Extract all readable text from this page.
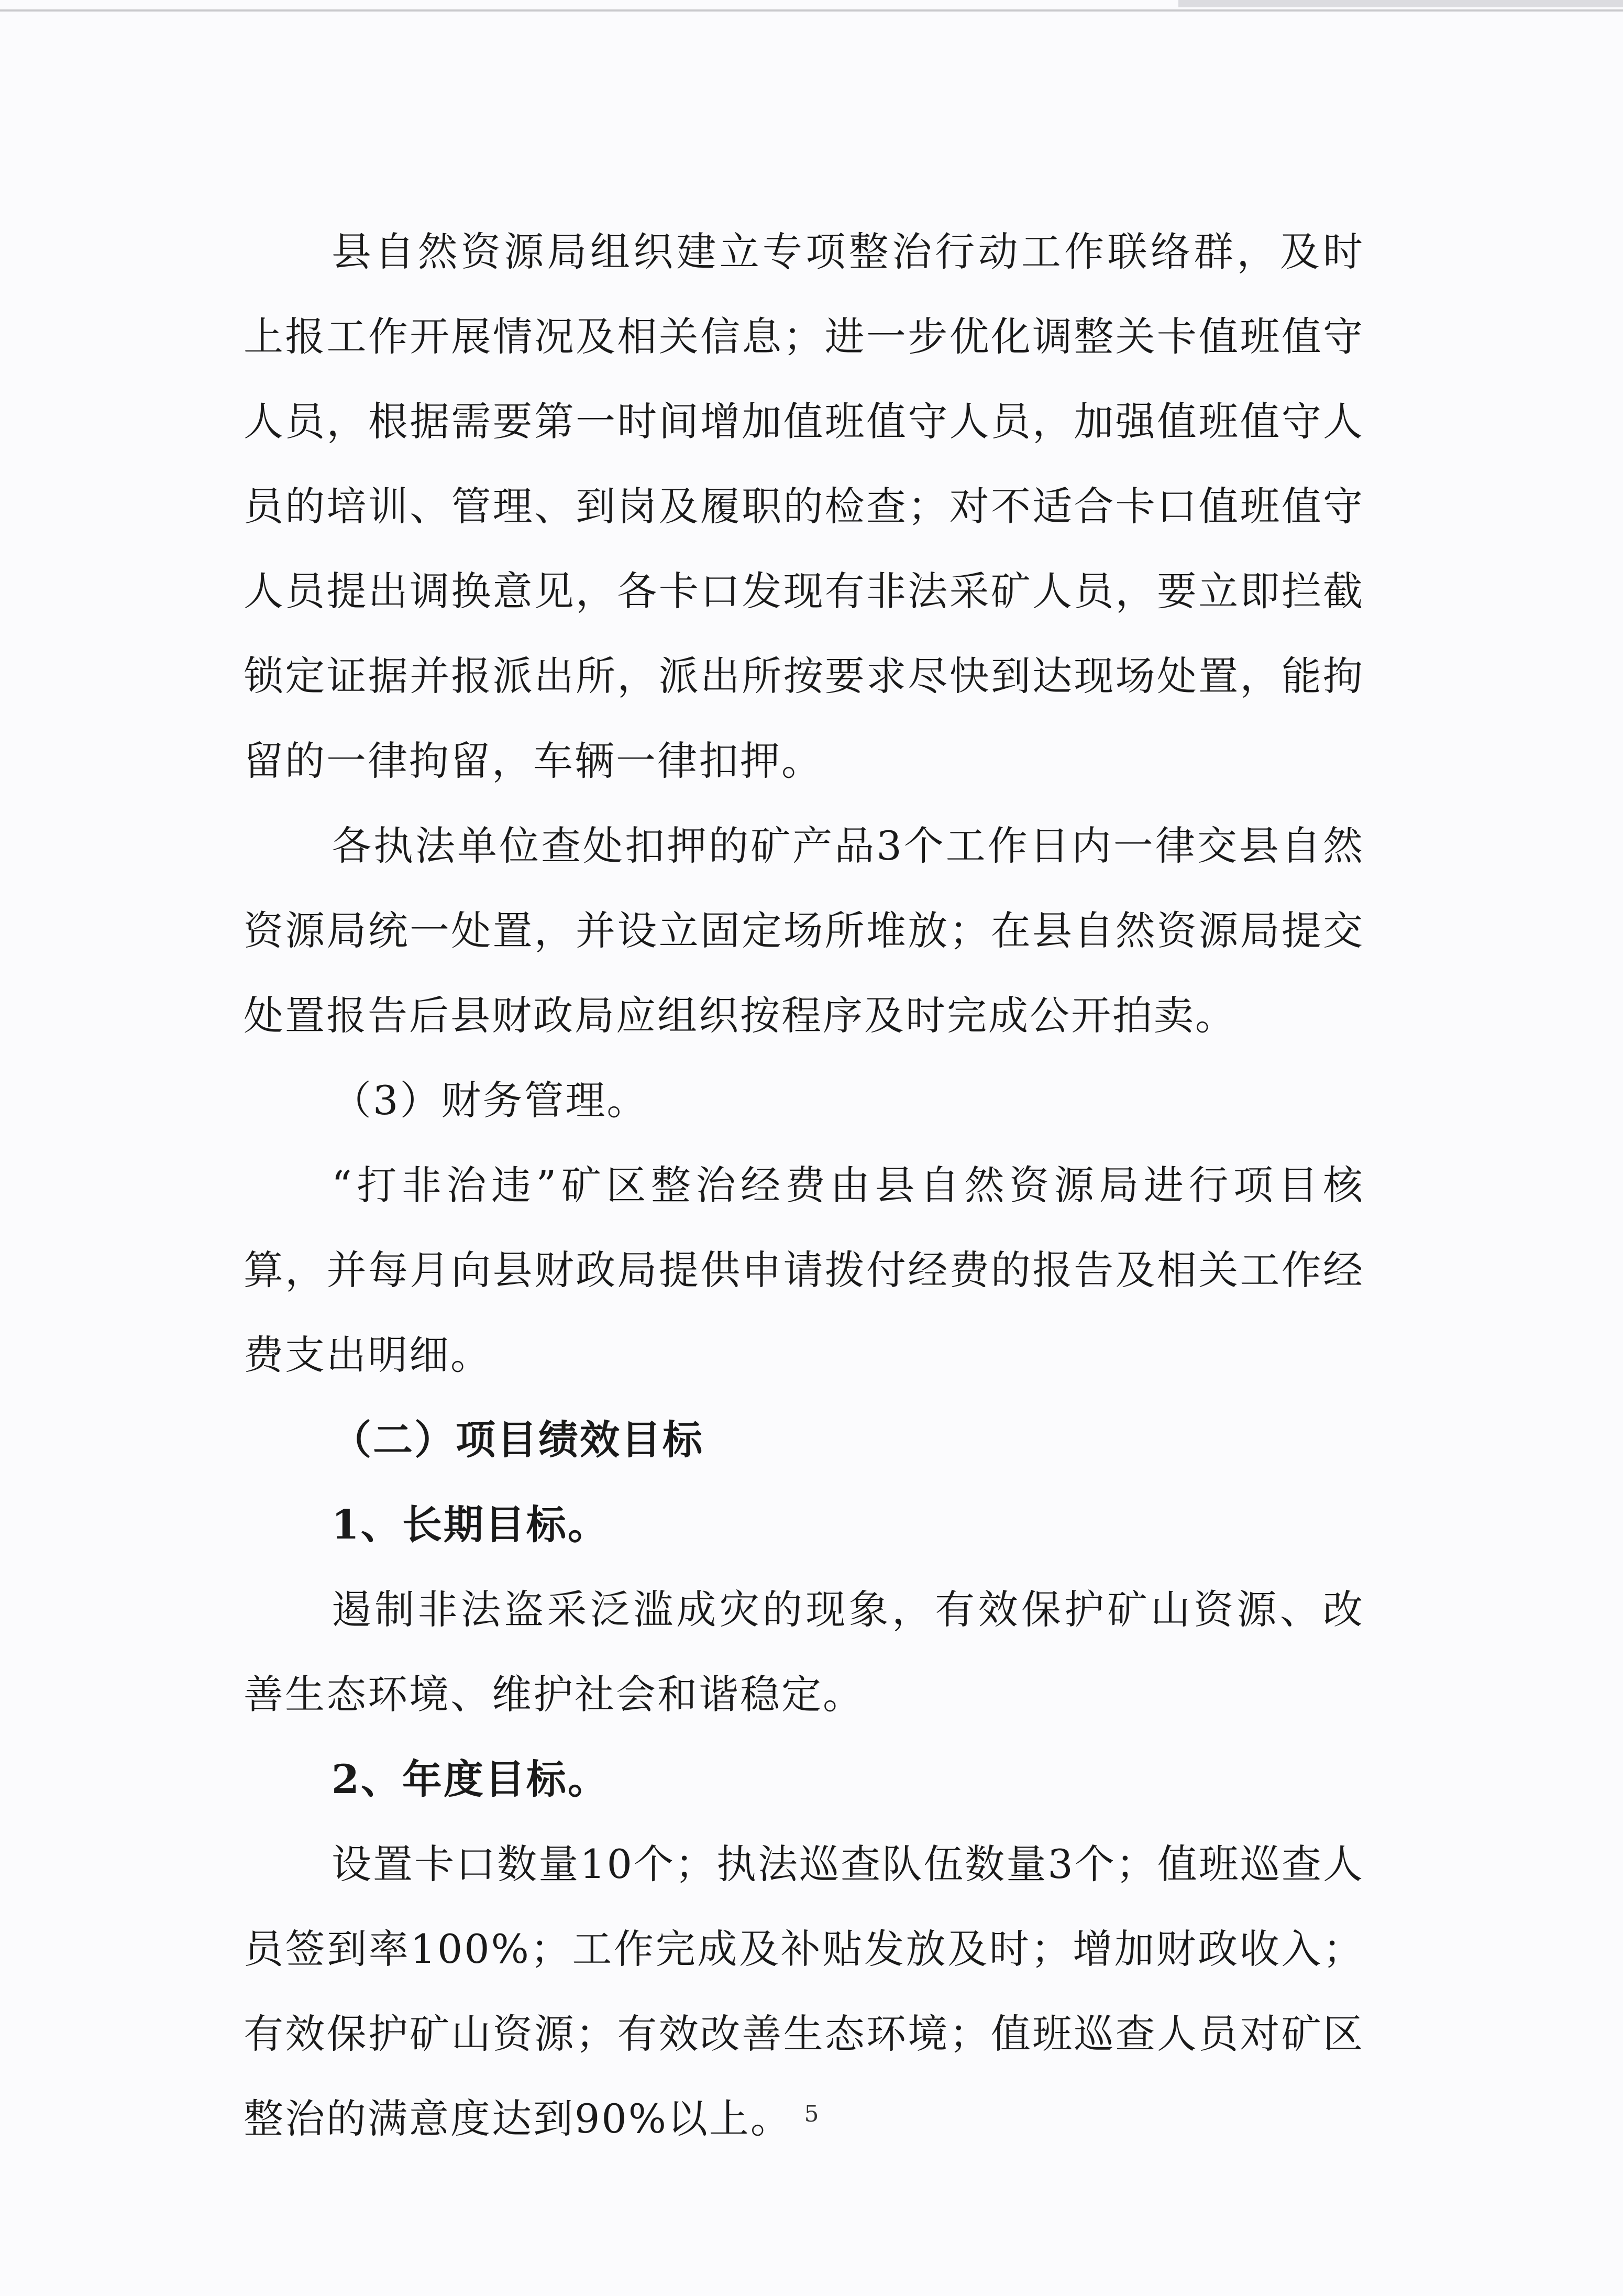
县自然资源局组织建立专项整治行动工作联络群，及时上报工作开展情况及相关信息；进一步优化调整关卡值班值守人员，根据需要第一时间增加值班值守人员，加强值班值守人员的培训、管理、到岗及履职的检查；对不适合卡口值班值守人员提出调换意见，各卡口发现有非法采矿人员，要立即拦截锁定证据并报派出所，派出所按要求尽快到达现场处置，能拘留的一律拘留，车辆一律扣押。

各执法单位查处扣押的矿产品3个工作日内一律交县自然资源局统一处置，并设立固定场所堆放；在县自然资源局提交处置报告后县财政局应组织按程序及时完成公开拍卖。

（3）财务管理。

“打非治违”矿区整治经费由县自然资源局进行项目核算，并每月向县财政局提供申请拨付经费的报告及相关工作经费支出明细。

（二）项目绩效目标

1、长期目标。

遏制非法盗采泛滥成灾的现象，有效保护矿山资源、改善生态环境、维护社会和谐稳定。

2、年度目标。

设置卡口数量10个；执法巡查队伍数量3个；值班巡查人员签到率100%；工作完成及补贴发放及时；增加财政收入；有效保护矿山资源；有效改善生态环境；值班巡查人员对矿区整治的满意度达到90%以上。 5
